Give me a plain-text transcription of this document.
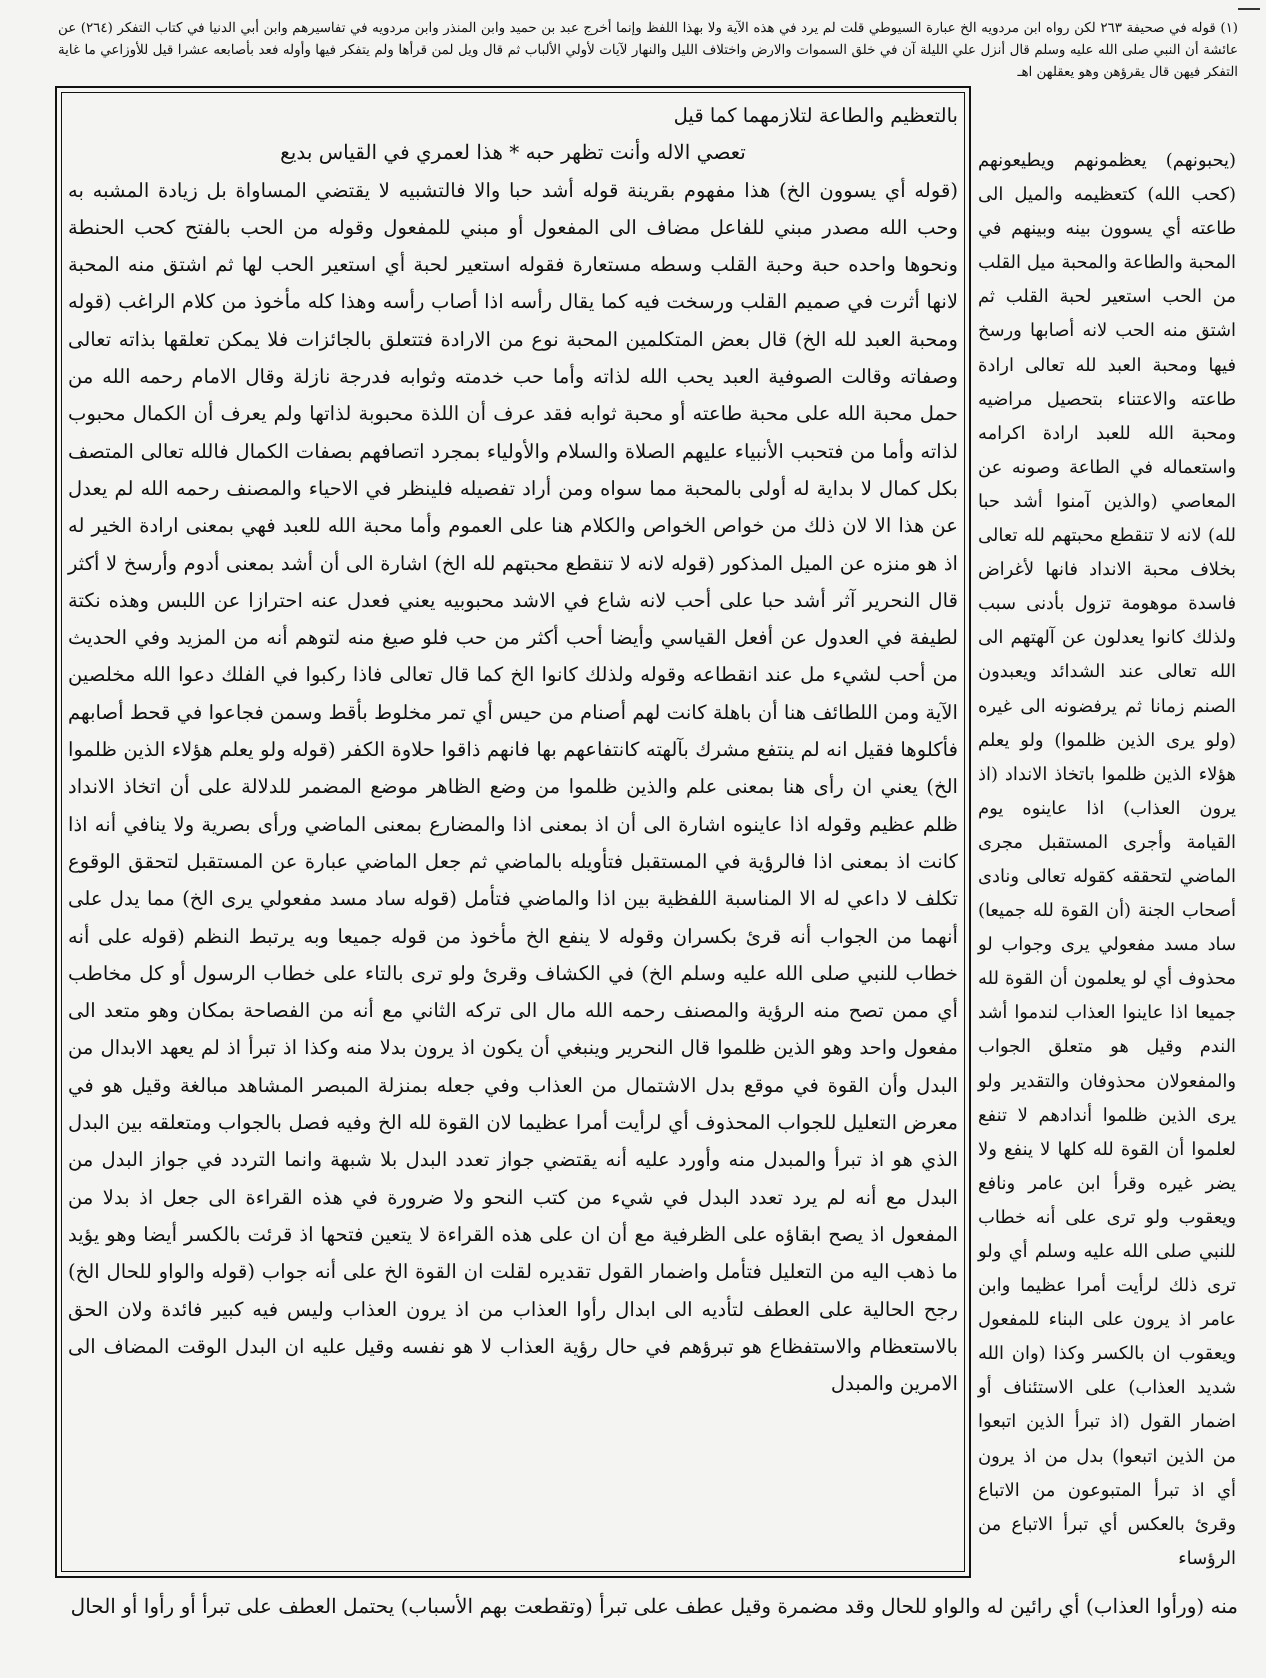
(١) قوله في صحيفة ٢٦٣ لكن رواه ابن مردويه الخ عبارة السيوطي قلت لم يرد في هذه الآية ولا بهذا اللفظ وإنما أخرج عبد بن حميد وابن المنذر وابن مردويه في تفاسيرهم وابن أبي الدنيا في كتاب التفكر (٢٦٤) عن عائشة أن النبي صلى الله عليه وسلم قال أنزل علي الليلة آن في خلق السموات والارض واختلاف الليل والنهار لآيات لأولي الألباب ثم قال ويل لمن قرأها ولم يتفكر فيها وأوله فعد بأصابعه عشرا قيل للأوزاعي ما غاية التفكر فيهن قال يقرؤهن وهو يعقلهن اهـ
(يحبونهم) يعظمونهم ويطيعونهم (كحب الله) كتعظيمه والميل الى طاعته أي يسوون بينه وبينهم في المحبة والطاعة والمحبة ميل القلب من الحب استعير لحبة القلب ثم اشتق منه الحب لانه أصابها ورسخ فيها ومحبة العبد لله تعالى ارادة طاعته والاعتناء بتحصيل مراضيه ومحبة الله للعبد ارادة اكرامه واستعماله في الطاعة وصونه عن المعاصي (والذين آمنوا أشد حبا لله) لانه لا تنقطع محبتهم لله تعالى بخلاف محبة الانداد فانها لأغراض فاسدة موهومة تزول بأدنى سبب ولذلك كانوا يعدلون عن آلهتهم الى الله تعالى عند الشدائد ويعبدون الصنم زمانا ثم يرفضونه الى غيره (ولو يرى الذين ظلموا) ولو يعلم هؤلاء الذين ظلموا باتخاذ الانداد (اذ يرون العذاب) اذا عاينوه يوم القيامة وأجرى المستقبل مجرى الماضي لتحققه كقوله تعالى ونادى أصحاب الجنة (أن القوة لله جميعا) ساد مسد مفعولي يرى وجواب لو محذوف أي لو يعلمون أن القوة لله جميعا اذا عاينوا العذاب لندموا أشد الندم وقيل هو متعلق الجواب والمفعولان محذوفان والتقدير ولو يرى الذين ظلموا أندادهم لا تنفع لعلموا أن القوة لله كلها لا ينفع ولا يضر غيره وقرأ ابن عامر ونافع ويعقوب ولو ترى على أنه خطاب للنبي صلى الله عليه وسلم أي ولو ترى ذلك لرأيت أمرا عظيما وابن عامر اذ يرون على البناء للمفعول ويعقوب ان بالكسر وكذا (وان الله شديد العذاب) على الاستئناف أو اضمار القول (اذ تبرأ الذين اتبعوا من الذين اتبعوا) بدل من اذ يرون أي اذ تبرأ المتبوعون من الاتباع وقرئ بالعكس أي تبرأ الاتباع من الرؤساء
بالتعظيم والطاعة لتلازمهما كما قيل
تعصي الاله وأنت تظهر حبه * هذا لعمري في القياس بديع
(قوله أي يسوون الخ) هذا مفهوم بقرينة قوله أشد حبا والا فالتشبيه لا يقتضي المساواة بل زيادة المشبه به وحب الله مصدر مبني للفاعل مضاف الى المفعول أو مبني للمفعول وقوله من الحب بالفتح كحب الحنطة ونحوها واحده حبة وحبة القلب وسطه مستعارة فقوله استعير لحبة أي استعير الحب لها ثم اشتق منه المحبة لانها أثرت في صميم القلب ورسخت فيه كما يقال رأسه اذا أصاب رأسه وهذا كله مأخوذ من كلام الراغب (قوله ومحبة العبد لله الخ) قال بعض المتكلمين المحبة نوع من الارادة فتتعلق بالجائزات فلا يمكن تعلقها بذاته تعالى وصفاته وقالت الصوفية العبد يحب الله لذاته وأما حب خدمته وثوابه فدرجة نازلة وقال الامام رحمه الله من حمل محبة الله على محبة طاعته أو محبة ثوابه فقد عرف أن اللذة محبوبة لذاتها ولم يعرف أن الكمال محبوب لذاته وأما من فتحبب الأنبياء عليهم الصلاة والسلام والأولياء بمجرد اتصافهم بصفات الكمال فالله تعالى المتصف بكل كمال لا بداية له أولى بالمحبة مما سواه ومن أراد تفصيله فلينظر في الاحياء والمصنف رحمه الله لم يعدل عن هذا الا لان ذلك من خواص الخواص والكلام هنا على العموم وأما محبة الله للعبد فهي بمعنى ارادة الخير له اذ هو منزه عن الميل المذكور (قوله لانه لا تنقطع محبتهم لله الخ) اشارة الى أن أشد بمعنى أدوم وأرسخ لا أكثر قال النحرير آثر أشد حبا على أحب لانه شاع في الاشد محبوبيه يعني فعدل عنه احترازا عن اللبس وهذه نكتة لطيفة في العدول عن أفعل القياسي وأيضا أحب أكثر من حب فلو صيغ منه لتوهم أنه من المزيد وفي الحديث من أحب لشيء مل عند انقطاعه وقوله ولذلك كانوا الخ كما قال تعالى فاذا ركبوا في الفلك دعوا الله مخلصين الآية ومن اللطائف هنا أن باهلة كانت لهم أصنام من حيس أي تمر مخلوط بأقط وسمن فجاعوا في قحط أصابهم فأكلوها فقيل انه لم ينتفع مشرك بآلهته كانتفاعهم بها فانهم ذاقوا حلاوة الكفر (قوله ولو يعلم هؤلاء الذين ظلموا الخ) يعني ان رأى هنا بمعنى علم والذين ظلموا من وضع الظاهر موضع المضمر للدلالة على أن اتخاذ الانداد ظلم عظيم وقوله اذا عاينوه اشارة الى أن اذ بمعنى اذا والمضارع بمعنى الماضي ورأى بصرية ولا ينافي أنه اذا كانت اذ بمعنى اذا فالرؤية في المستقبل فتأويله بالماضي ثم جعل الماضي عبارة عن المستقبل لتحقق الوقوع تكلف لا داعي له الا المناسبة اللفظية بين اذا والماضي فتأمل (قوله ساد مسد مفعولي يرى الخ) مما يدل على أنهما من الجواب أنه قرئ بكسران وقوله لا ينفع الخ مأخوذ من قوله جميعا وبه يرتبط النظم (قوله على أنه خطاب للنبي صلى الله عليه وسلم الخ) في الكشاف وقرئ ولو ترى بالتاء على خطاب الرسول أو كل مخاطب أي ممن تصح منه الرؤية والمصنف رحمه الله مال الى تركه الثاني مع أنه من الفصاحة بمكان وهو متعد الى مفعول واحد وهو الذين ظلموا قال النحرير وينبغي أن يكون اذ يرون بدلا منه وكذا اذ تبرأ اذ لم يعهد الابدال من البدل وأن القوة في موقع بدل الاشتمال من العذاب وفي جعله بمنزلة المبصر المشاهد مبالغة وقيل هو في معرض التعليل للجواب المحذوف أي لرأيت أمرا عظيما لان القوة لله الخ وفيه فصل بالجواب ومتعلقه بين البدل الذي هو اذ تبرأ والمبدل منه وأورد عليه أنه يقتضي جواز تعدد البدل بلا شبهة وانما التردد في جواز البدل من البدل مع أنه لم يرد تعدد البدل في شيء من كتب النحو ولا ضرورة في هذه القراءة الى جعل اذ بدلا من المفعول اذ يصح ابقاؤه على الظرفية مع أن ان على هذه القراءة لا يتعين فتحها اذ قرئت بالكسر أيضا وهو يؤيد ما ذهب اليه من التعليل فتأمل واضمار القول تقديره لقلت ان القوة الخ على أنه جواب (قوله والواو للحال الخ) رجح الحالية على العطف لتأديه الى ابدال رأوا العذاب من اذ يرون العذاب وليس فيه كبير فائدة ولان الحق بالاستعظام والاستفظاع هو تبرؤهم في حال رؤية العذاب لا هو نفسه وقيل عليه ان البدل الوقت المضاف الى الامرين والمبدل
منه (ورأوا العذاب) أي رائين له والواو للحال وقد مضمرة وقيل عطف على تبرأ (وتقطعت بهم الأسباب) يحتمل العطف على تبرأ أو رأوا أو الحال
